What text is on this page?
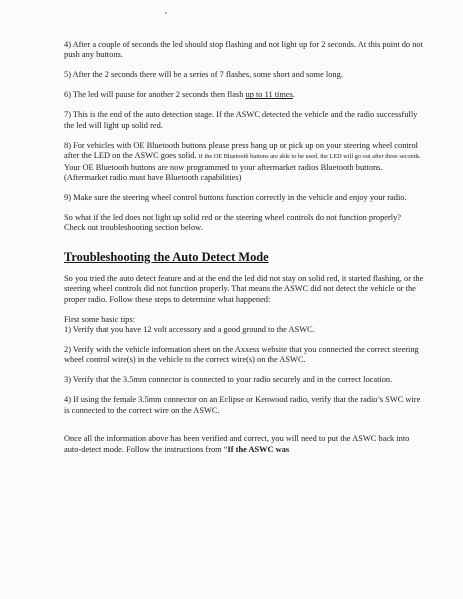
4) After a couple of seconds the led should stop flashing and not light up for 2 seconds. At this point do not push any buttons.

5) After the 2 seconds there will be a series of 7 flashes, some short and some long.

6) The led will pause for another 2 seconds then flash up to 11 times.

7) This is the end of the auto detection stage. If the ASWC detected the vehicle and the radio successfully the led will light up solid red.

8) For vehicles with OE Bluetooth buttons please press hang up or pick up on your steering wheel control after the LED on the ASWC goes solid. If the OE Bluetooth buttons are able to be used, the LED will go out after three seconds. Your OE Bluetooth buttons are now programmed to your aftermarket radios Bluetooth buttons. (Aftermarket radio must have Bluetooth capabilities)

9) Make sure the steering wheel control buttons function correctly in the vehicle and enjoy your radio.

So what if the led does not light up solid red or the steering wheel controls do not function properly? Check out troubleshooting section below.

Troubleshooting the Auto Detect Mode

So you tried the auto detect feature and at the end the led did not stay on solid red, it started flashing, or the steering wheel controls did not function properly. That means the ASWC did not detect the vehicle or the proper radio. Follow these steps to determine what happened:

First some basic tips:

1) Verify that you have 12 volt accessory and a good ground to the ASWC.

2) Verify with the vehicle information sheet on the Axxess website that you connected the correct steering wheel control wire(s) in the vehicle to the correct wire(s) on the ASWC.

3) Verify that the 3.5mm connector is connected to your radio securely and in the correct location.

4) If using the female 3.5mm connector on an Eclipse or Kenwood radio, verify that the radio’s SWC wire is connected to the correct wire on the ASWC.

Once all the information above has been verified and correct, you will need to put the ASWC back into auto-detect mode. Follow the instructions from “If the ASWC was
